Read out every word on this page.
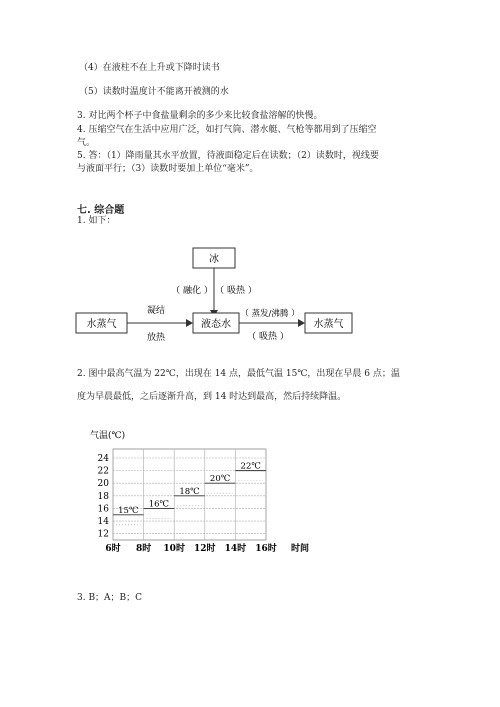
（4）在液柱不在上升或下降时读书
（5）读数时温度计不能离开被测的水
3. 对比两个杯子中食盐量剩余的多少来比较食盐溶解的快慢。
4. 压缩空气在生活中应用广泛，如打气筒、潜水艇、气枪等都用到了压缩空
气。
5. 答：（1）降雨量其水平放置，待液面稳定后在读数；（2）读数时，视线要
与液面平行；（3）读数时要加上单位“毫米”。
七. 综合题
1. 如下：
冰
（ 融化 ） （ 吸热 ）
水蒸气
凝结
放热
液态水
（ 蒸发/沸腾 ）
（ 吸热 ）
水蒸气
2. 图中最高气温为 22℃，出现在 14 点，最低气温 15℃，出现在早晨 6 点；温
度为早晨最低，之后逐渐升高，到 14 时达到最高，然后持续降温。
气温(℃)
时间
24
22
20
18
16
14
12
6时 8时 10时 12时 14时 16时
15℃
16℃
18℃
20℃
22℃
3. B；A；B；C
